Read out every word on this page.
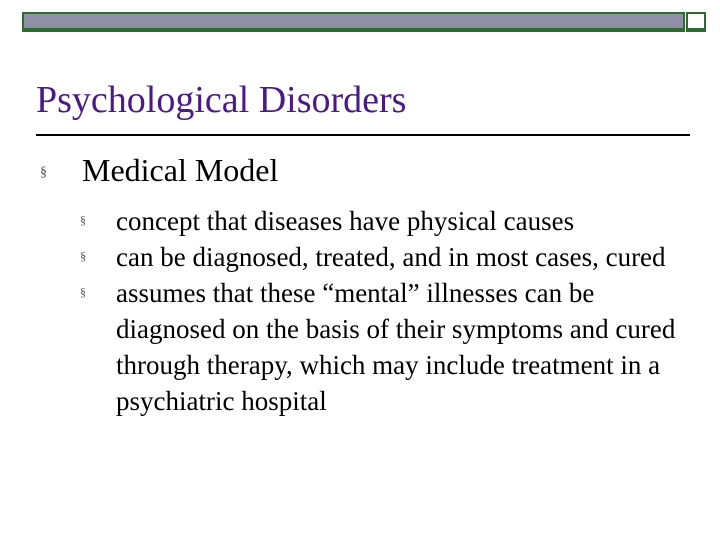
Psychological Disorders
§ Medical Model
§ concept that diseases have physical causes
§ can be diagnosed, treated, and in most cases, cured
§ assumes that these “mental” illnesses can be diagnosed on the basis of their symptoms and cured through therapy, which may include treatment in a psychiatric hospital
